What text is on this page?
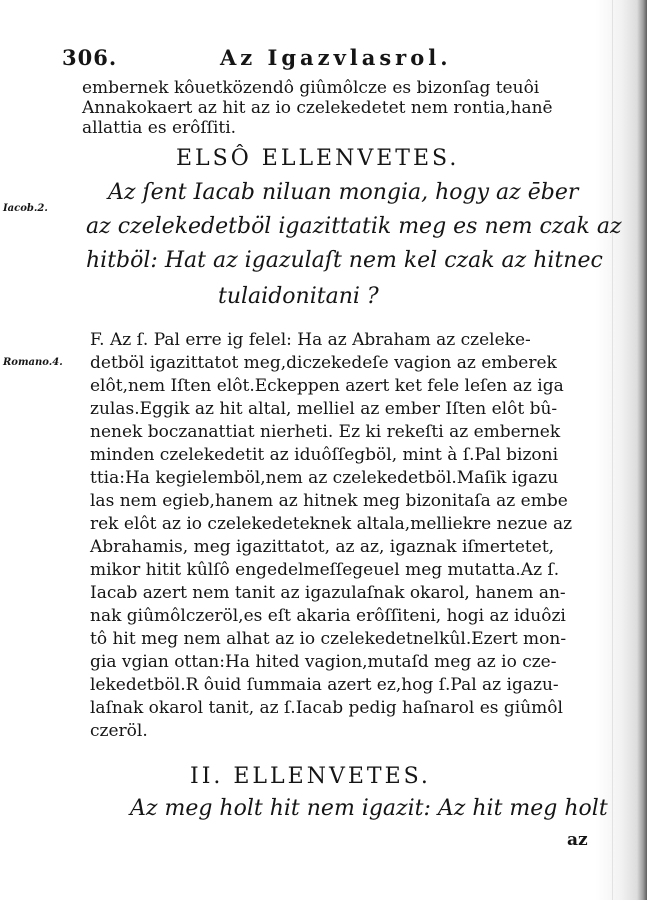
306.	Az Igazvlasrol.
Iacob.2.
Romano.4.
embernek kôuetközendô giûmôlcze es bizonſag teuôi
Annakokaert az hit az io czelekedetet nem rontia,hanē
allattia es erôſſiti.
ELSÔ ELLENVETES.
Az ſent Iacab niluan mongia, hogy az ēber
az czelekedetböl igazittatik meg es nem czak az
hitböl: Hat az igazulaſt nem kel czak az hitnec
tulaidonitani ?
F. Az ſ. Pal erre ig felel: Ha az Abraham az czeleke-
detböl igazittatot meg,diczekedeſe vagion az emberek
elôt,nem Iſten elôt.Eckeppen azert ket fele leſen az iga
zulas.Eggik az hit altal, melliel az ember Iſten elôt bû-
nenek boczanattiat nierheti. Ez ki rekeſti az embernek
minden czelekedetit az iduôſſegböl, mint à ſ.Pal bizoni
ttia:Ha kegielemböl,nem az czelekedetböl.Maſik igazu
las nem egieb,hanem az hitnek meg bizonitaſa az embe
rek elôt az io czelekedeteknek altala,melliekre nezue az
Abrahamis, meg igazittatot, az az, igaznak iſmertetet,
mikor hitit kûlſô engedelmeſſegeuel meg mutatta.Az ſ.
Iacab azert nem tanit az igazulaſnak okarol, hanem an-
nak giûmôlczeröl,es eſt akaria erôſſiteni, hogi az iduôzi
tô hit meg nem alhat az io czelekedetnelkûl.Ezert mon-
gia vgian ottan:Ha hited vagion,mutaſd meg az io cze-
lekedetböl.R ôuid ſummaia azert ez,hog ſ.Pal az igazu-
laſnak okarol tanit, az ſ.Iacab pedig haſnarol es giûmôl
czeröl.
II. ELLENVETES.
Az meg holt hit nem igazit: Az hit meg holt
az
